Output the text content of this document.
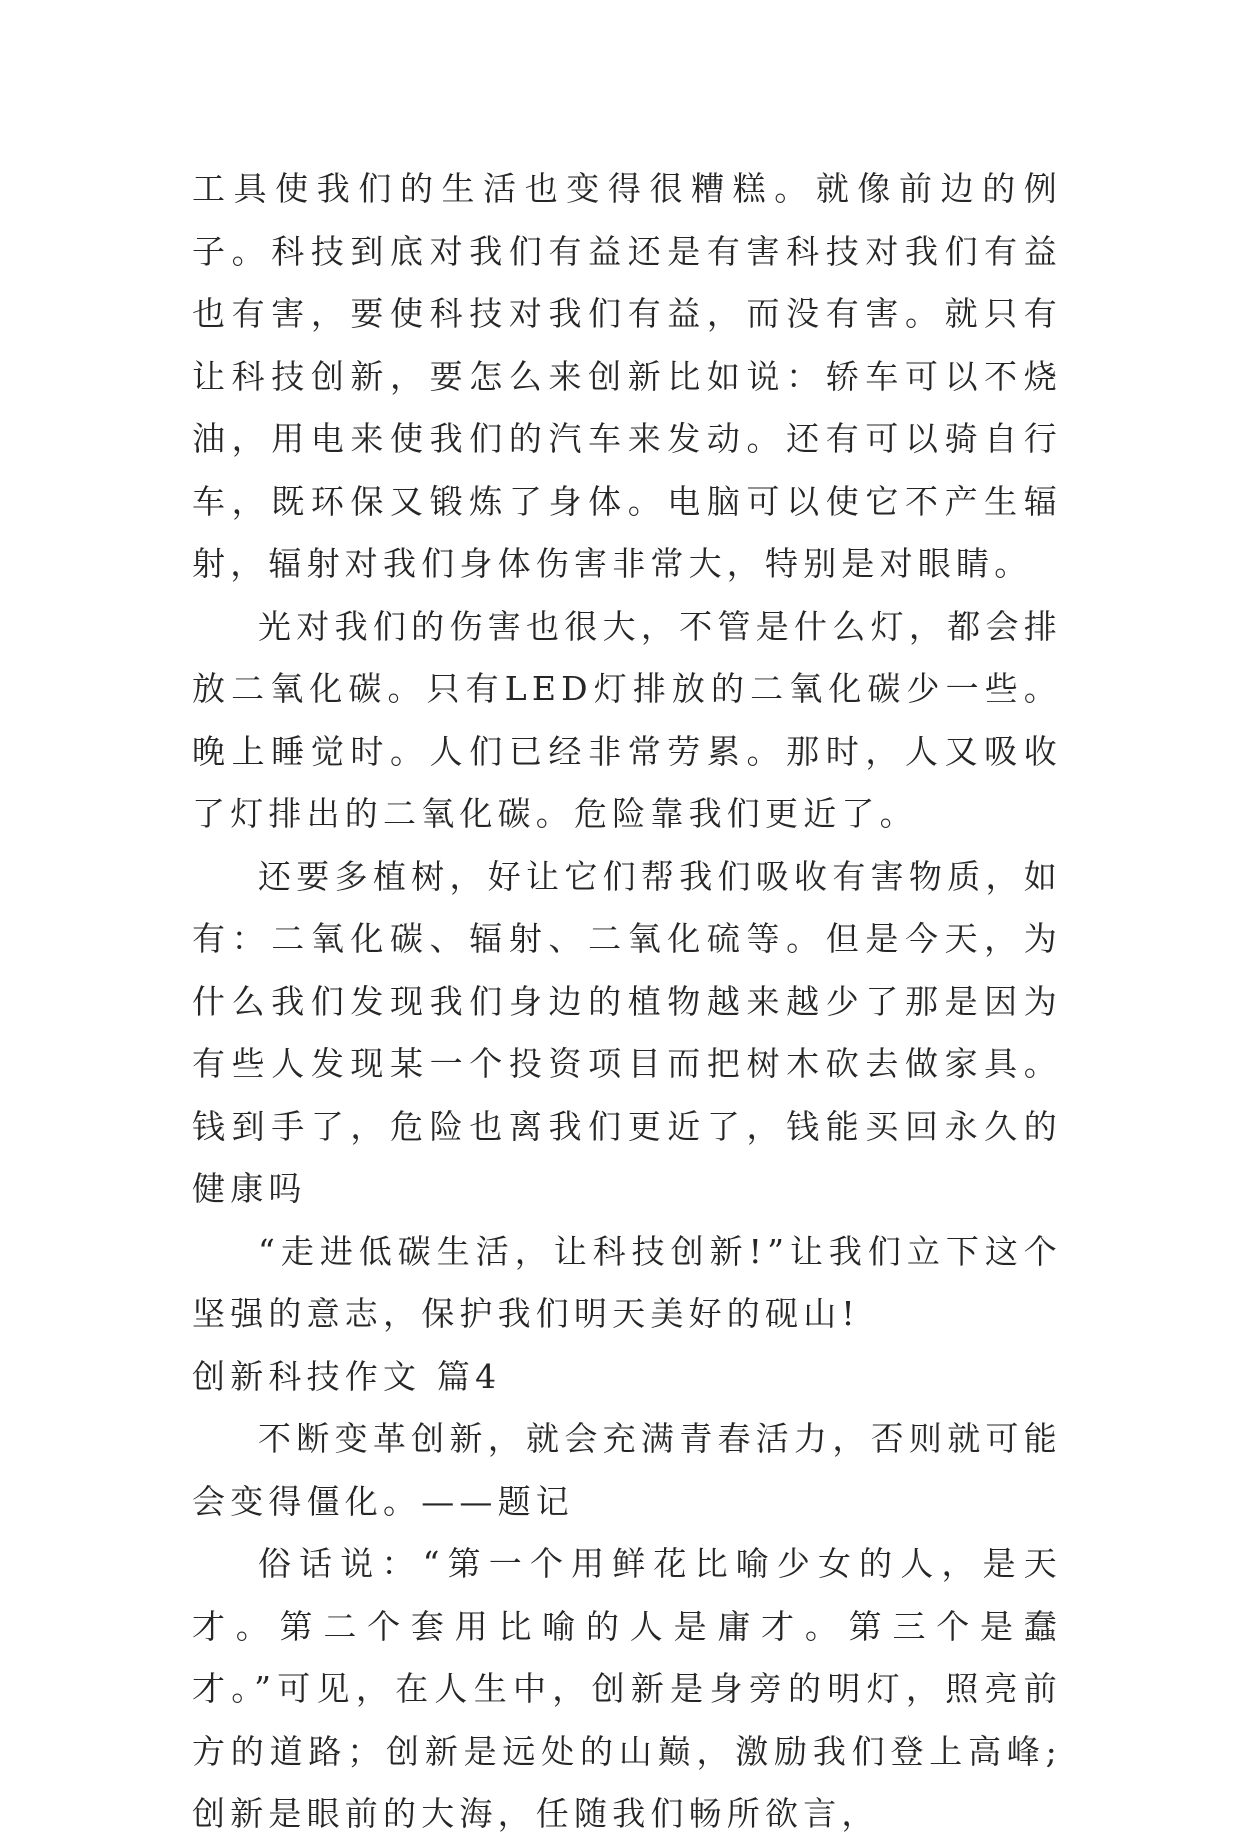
工具使我们的生活也变得很糟糕。就像前边的例子。科技到底对我们有益还是有害科技对我们有益也有害，要使科技对我们有益，而没有害。就只有让科技创新，要怎么来创新比如说：轿车可以不烧油，用电来使我们的汽车来发动。还有可以骑自行车，既环保又锻炼了身体。电脑可以使它不产生辐射，辐射对我们身体伤害非常大，特别是对眼睛。

光对我们的伤害也很大，不管是什么灯，都会排放二氧化碳。只有LED灯排放的二氧化碳少一些。晚上睡觉时。人们已经非常劳累。那时，人又吸收了灯排出的二氧化碳。危险靠我们更近了。

还要多植树，好让它们帮我们吸收有害物质，如有：二氧化碳、辐射、二氧化硫等。但是今天，为什么我们发现我们身边的植物越来越少了那是因为有些人发现某一个投资项目而把树木砍去做家具。钱到手了，危险也离我们更近了，钱能买回永久的健康吗

“走进低碳生活，让科技创新!”让我们立下这个坚强的意志，保护我们明天美好的砚山!

创新科技作文 篇4

不断变革创新，就会充满青春活力，否则就可能会变得僵化。——题记

俗话说：“第一个用鲜花比喻少女的人，是天才。第二个套用比喻的人是庸才。第三个是蠢才。”可见，在人生中，创新是身旁的明灯，照亮前方的道路；创新是远处的山巅，激励我们登上高峰;创新是眼前的大海，任随我们畅所欲言，
